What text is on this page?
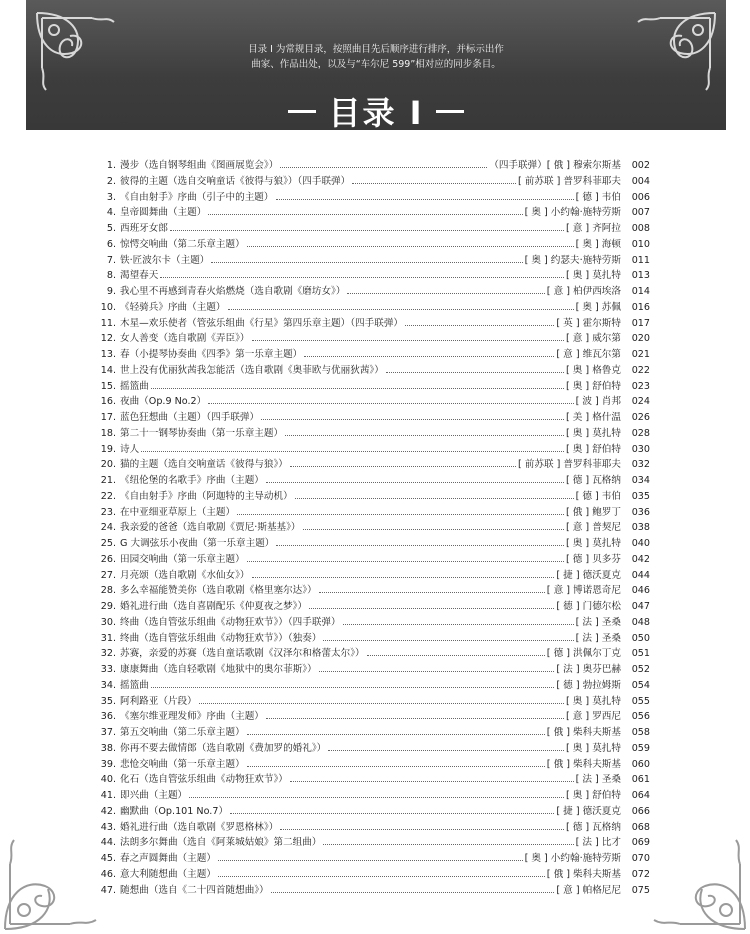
目录 I 为常规目录，按照曲目先后顺序进行排序，并标示出作
曲家、作品出处，以及与“车尔尼 599”相对应的同步条目。
目录 I
1. 漫步（选自钢琴组曲《图画展览会》）	（四手联弹）[ 俄 ] 穆索尔斯基	002
2. 彼得的主题（选自交响童话《彼得与狼》）（四手联弹）	[ 前苏联 ] 普罗科菲耶夫	004
3. 《自由射手》序曲（引子中的主题）	[ 德 ] 韦伯	006
4. 皇帝圆舞曲（主题）	[ 奥 ] 小约翰·施特劳斯	007
5. 西班牙女郎	[ 意 ] 齐阿拉	008
6. 惊愕交响曲（第二乐章主题）	[ 奥 ] 海顿	010
7. 铁·匠波尔卡（主题）	[ 奥 ] 约瑟夫·施特劳斯	011
8. 渴望春天	[ 奥 ] 莫扎特	013
9. 我心里不再感到青春火焰燃烧（选自歌剧《磨坊女》）	[ 意 ] 柏伊西埃洛	014
10. 《轻骑兵》序曲（主题）	[ 奥 ] 苏佩	016
11. 木星—欢乐使者（管弦乐组曲《行星》第四乐章主题）（四手联弹）	[ 英 ] 霍尔斯特	017
12. 女人善变（选自歌剧《弄臣》）	[ 意 ] 威尔第	020
13. 春（小提琴协奏曲《四季》第一乐章主题）	[ 意 ] 维瓦尔第	021
14. 世上没有优丽狄茜我怎能活（选自歌剧《奥菲欧与优丽狄茜》）	[ 奥 ] 格鲁克	022
15. 摇篮曲	[ 奥 ] 舒伯特	023
16. 夜曲（Op.9 No.2）	[ 波 ] 肖邦	024
17. 蓝色狂想曲（主题）（四手联弹）	[ 美 ] 格什温	026
18. 第二十一钢琴协奏曲（第一乐章主题）	[ 奥 ] 莫扎特	028
19. 诗人	[ 奥 ] 舒伯特	030
20. 猫的主题（选自交响童话《彼得与狼》）	[ 前苏联 ] 普罗科菲耶夫	032
21. 《纽伦堡的名歌手》序曲（主题）	[ 德 ] 瓦格纳	034
22. 《自由射手》序曲（阿迦特的主导动机）	[ 德 ] 韦伯	035
23. 在中亚细亚草原上（主题）	[ 俄 ] 鲍罗丁	036
24. 我亲爱的爸爸（选自歌剧《贾尼·斯基基》）	[ 意 ] 普契尼	038
25. G 大调弦乐小夜曲（第一乐章主题）	[ 奥 ] 莫扎特	040
26. 田园交响曲（第一乐章主题）	[ 德 ] 贝多芬	042
27. 月亮颂（选自歌剧《水仙女》）	[ 捷 ] 德沃夏克	044
28. 多么幸福能赞美你（选自歌剧《格里塞尔达》）	[ 意 ] 博诺恩奇尼	046
29. 婚礼进行曲（选自喜剧配乐《仲夏夜之梦》）	[ 德 ] 门德尔松	047
30. 终曲（选自管弦乐组曲《动物狂欢节》）（四手联弹）	[ 法 ] 圣桑	048
31. 终曲（选自管弦乐组曲《动物狂欢节》）（独奏）	[ 法 ] 圣桑	050
32. 苏赛，亲爱的苏赛（选自童话歌剧《汉泽尔和格蕾太尔》）	[ 德 ] 洪佩尔丁克	051
33. 康康舞曲（选自轻歌剧《地狱中的奥尔菲斯》）	[ 法 ] 奥芬巴赫	052
34. 摇篮曲	[ 德 ] 勃拉姆斯	054
35. 阿利路亚（片段）	[ 奥 ] 莫扎特	055
36. 《塞尔维亚理发师》序曲（主题）	[ 意 ] 罗西尼	056
37. 第五交响曲（第二乐章主题）	[ 俄 ] 柴科夫斯基	058
38. 你再不要去做情郎（选自歌剧《费加罗的婚礼》）	[ 奥 ] 莫扎特	059
39. 悲怆交响曲（第一乐章主题）	[ 俄 ] 柴科夫斯基	060
40. 化石（选自管弦乐组曲《动物狂欢节》）	[ 法 ] 圣桑	061
41. 即兴曲（主题）	[ 奥 ] 舒伯特	064
42. 幽默曲（Op.101 No.7）	[ 捷 ] 德沃夏克	066
43. 婚礼进行曲（选自歌剧《罗恩格林》）	[ 德 ] 瓦格纳	068
44. 法朗多尔舞曲（选自《阿莱城姑娘》第二组曲）	[ 法 ] 比才	069
45. 春之声圆舞曲（主题）	[ 奥 ] 小约翰·施特劳斯	070
46. 意大利随想曲（主题）	[ 俄 ] 柴科夫斯基	072
47. 随想曲（选自《二十四首随想曲》）	[ 意 ] 帕格尼尼	075
